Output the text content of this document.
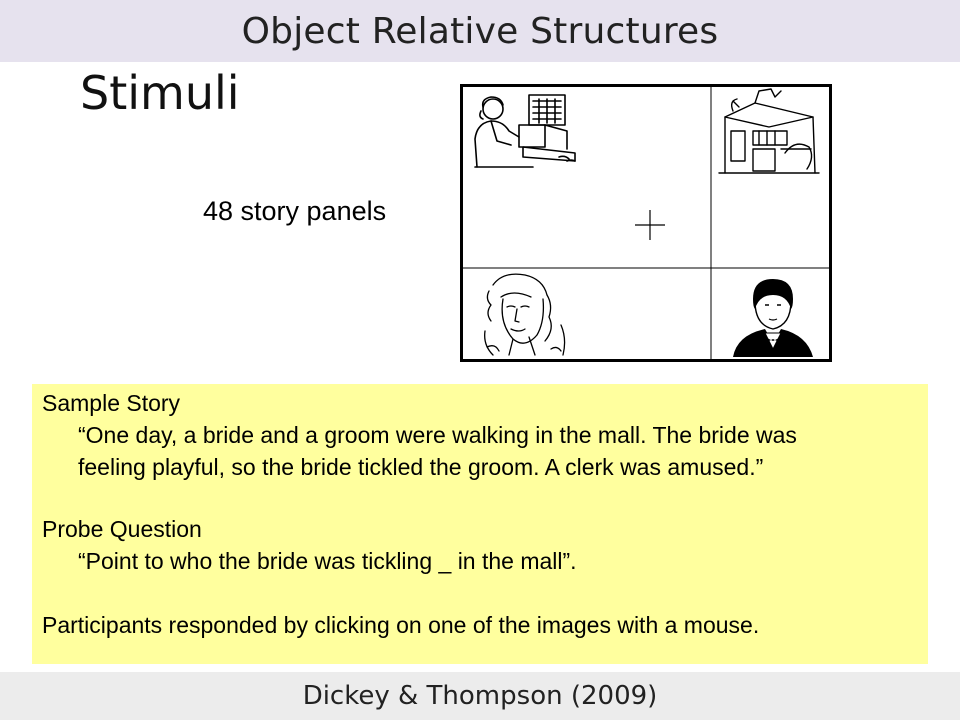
Object Relative Structures
Stimuli
48 story panels
Sample Story
“One day, a bride and a groom were walking in the mall. The bride was
feeling playful, so the bride tickled the groom. A clerk was amused.”
Probe Question
“Point to who the bride was tickling _ in the mall”.
Participants responded by clicking on one of the images with a mouse.
Dickey & Thompson (2009)
